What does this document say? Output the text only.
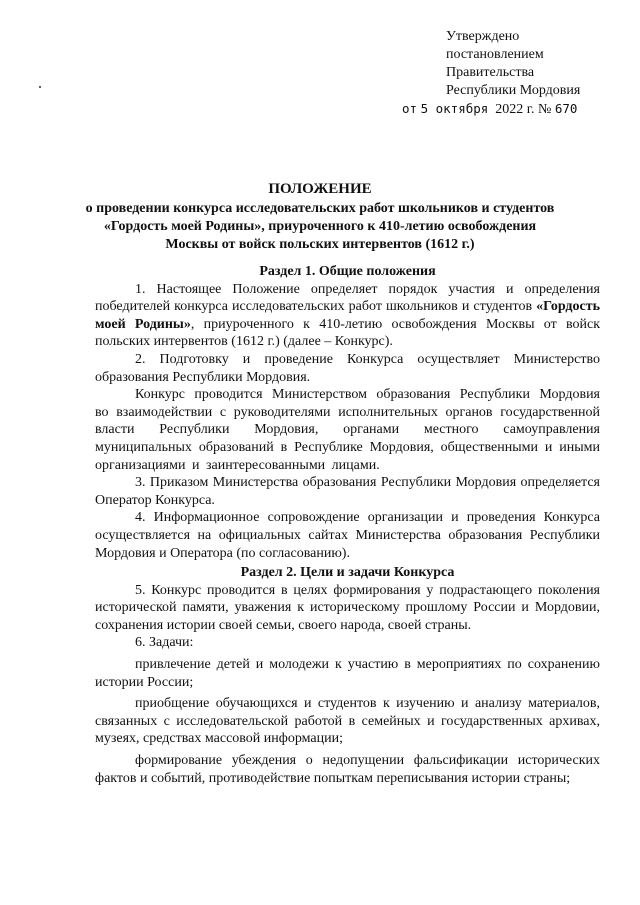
Утверждено
постановлением
Правительства
Республики Мордовия
от 5 октября 2022 г. № 670
ПОЛОЖЕНИЕ
о проведении конкурса исследовательских работ школьников и студентов «Гордость моей Родины», приуроченного к 410-летию освобождения Москвы от войск польских интервентов (1612 г.)
Раздел 1. Общие положения

1. Настоящее Положение определяет порядок участия и определения победителей конкурса исследовательских работ школьников и студентов «Гордость моей Родины», приуроченного к 410-летию освобождения Москвы от войск польских интервентов (1612 г.) (далее – Конкурс).

2. Подготовку и проведение Конкурса осуществляет Министерство образования Республики Мордовия.

Конкурс проводится Министерством образования Республики Мордовия во взаимодействии с руководителями исполнительных органов государственной власти Республики Мордовия, органами местного самоуправления муниципальных образований в Республике Мордовия, общественными и иными организациями и заинтересованными лицами.

3. Приказом Министерства образования Республики Мордовия определяется Оператор Конкурса.

4. Информационное сопровождение организации и проведения Конкурса осуществляется на официальных сайтах Министерства образования Республики Мордовия и Оператора (по согласованию).

Раздел 2. Цели и задачи Конкурса

5. Конкурс проводится в целях формирования у подрастающего поколения исторической памяти, уважения к историческому прошлому России и Мордовии, сохранения истории своей семьи, своего народа, своей страны.

6. Задачи:

привлечение детей и молодежи к участию в мероприятиях по сохранению истории России;

приобщение обучающихся и студентов к изучению и анализу материалов, связанных с исследовательской работой в семейных и государственных архивах, музеях, средствах массовой информации;

формирование убеждения о недопущении фальсификации исторических фактов и событий, противодействие попыткам переписывания истории страны;
